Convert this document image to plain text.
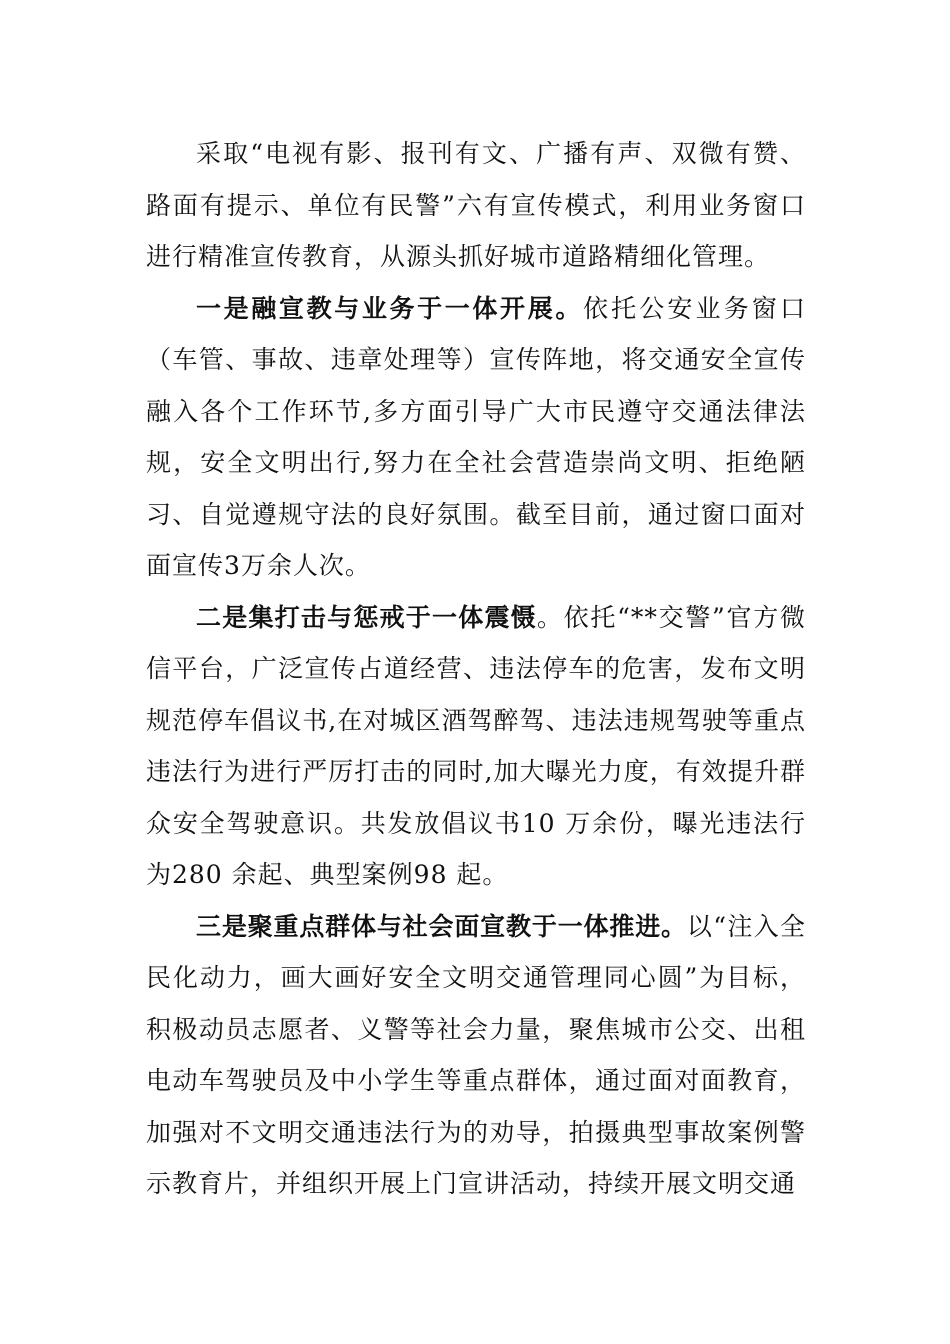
采取“电视有影、报刊有文、广播有声、双微有赞、路面有提示、单位有民警”六有宣传模式，利用业务窗口进行精准宣传教育，从源头抓好城市道路精细化管理。

一是融宣教与业务于一体开展。依托公安业务窗口（车管、事故、违章处理等）宣传阵地，将交通安全宣传融入各个工作环节,多方面引导广大市民遵守交通法律法规，安全文明出行,努力在全社会营造崇尚文明、拒绝陋习、自觉遵规守法的良好氛围。截至目前，通过窗口面对面宣传3万余人次。

二是集打击与惩戒于一体震慑。依托“**交警”官方微信平台，广泛宣传占道经营、违法停车的危害，发布文明规范停车倡议书,在对城区酒驾醉驾、违法违规驾驶等重点违法行为进行严厉打击的同时,加大曝光力度，有效提升群众安全驾驶意识。共发放倡议书10 万余份，曝光违法行为280 余起、典型案例98 起。

三是聚重点群体与社会面宣教于一体推进。以“注入全民化动力，画大画好安全文明交通管理同心圆”为目标，积极动员志愿者、义警等社会力量，聚焦城市公交、出租电动车驾驶员及中小学生等重点群体，通过面对面教育，加强对不文明交通违法行为的劝导，拍摄典型事故案例警示教育片，并组织开展上门宣讲活动，持续开展文明交通
